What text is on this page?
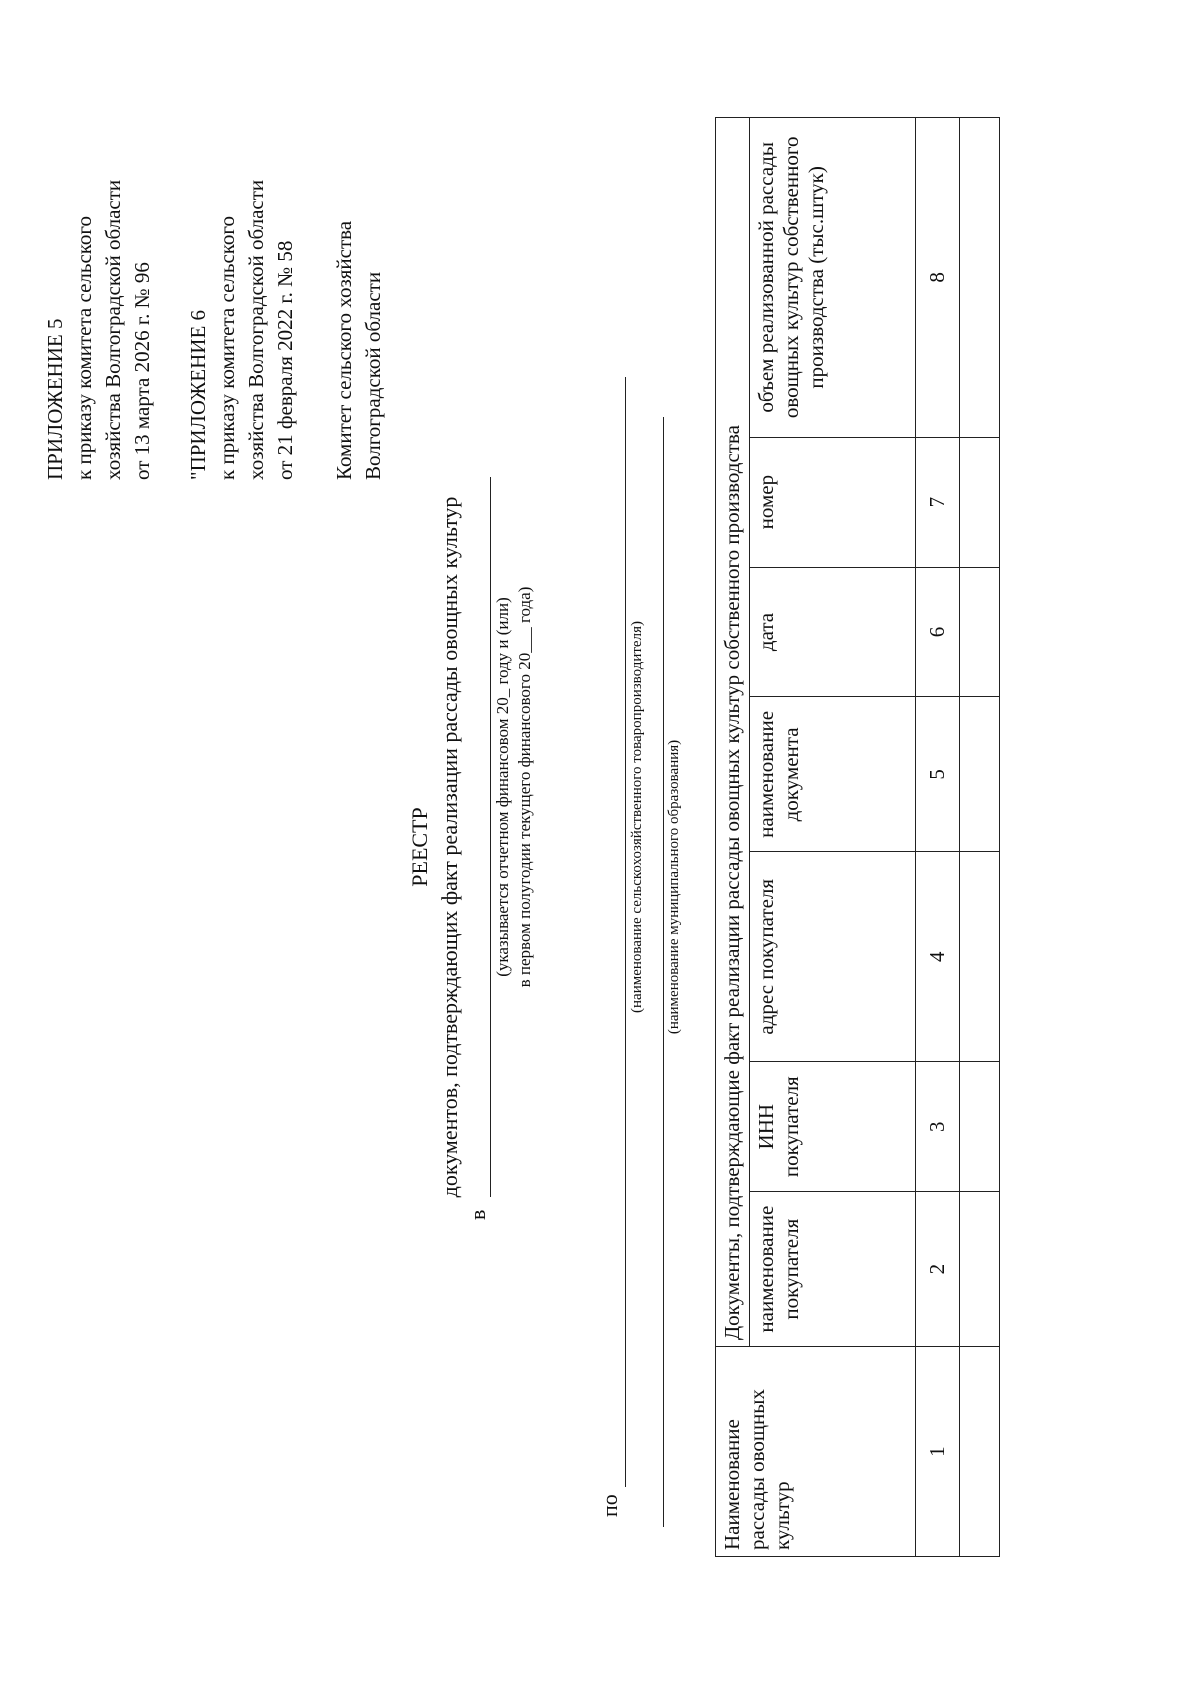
ПРИЛОЖЕНИЕ 5 к приказу комитета сельского хозяйства Волгоградской области от 13 марта 2026 г. № 96 "ПРИЛОЖЕНИЕ 6 к приказу комитета сельского хозяйства Волгоградской области от 21 февраля 2022 г. № 58 Комитет сельского хозяйства Волгоградской области
РЕЕСТР документов, подтверждающих факт реализации рассады овощных культур
в
(указывается отчетном финансовом 20_ году и (или) в первом полугодии текущего финансового 20___ года)
по
(наименование сельскохозяйственного товаропроизводителя) (наименование муниципального образования)
Наименование рассады овощных культур	Документы, подтверждающие факт реализации рассады овощных культур собственного производства						
	наименование покупателя	ИНН покупателя	адрес покупателя	наименование документа	дата	номер	объем реализованной рассады овощных культур собственного производства (тыс.штук)
1	2	3	4	5	6	7	8
